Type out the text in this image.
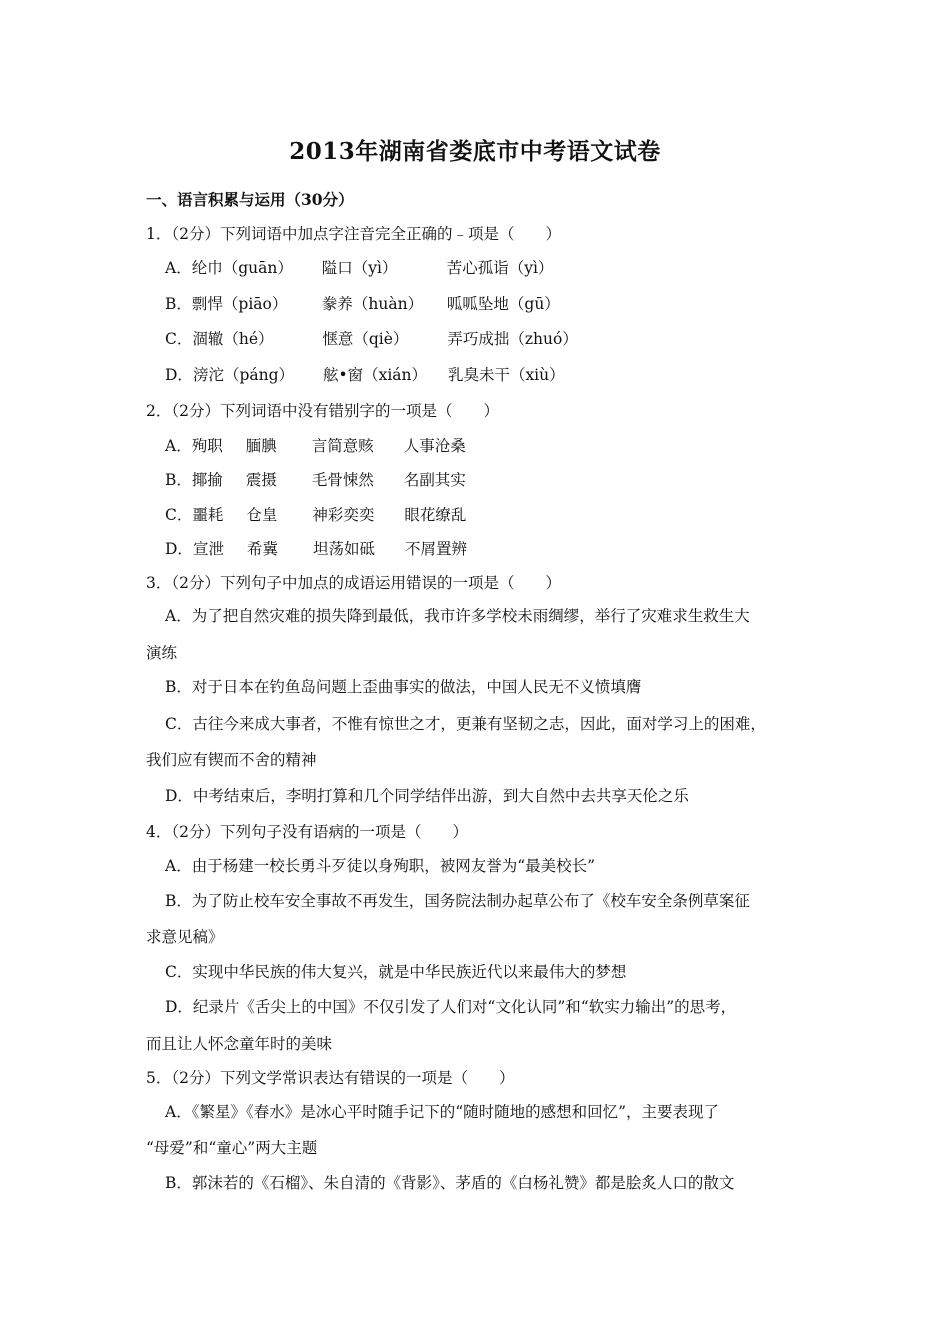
2013年湖南省娄底市中考语文试卷
一、语言积累与运用（30分）
1．（2分）下列词语中加点字注音完全正确的﹣项是（　　）
A．纶巾（guān） 隘口（yì）	苦心孤诣（yì）
B．剽悍（piāo） 豢养（huàn） 呱呱坠地（gū）
C．涸辙（hé）	惬意（qiè）	弄巧成拙（zhuó）
D．滂沱（páng） 舷•窗（xián） 乳臭未干（xiù）
2．（2分）下列词语中没有错别字的一项是（　　）
A．殉职 腼腆 言简意赅 人事沧桑
B．揶揄 震摄 毛骨悚然 名副其实
C．噩耗 仓皇 神彩奕奕 眼花缭乱
D．宣泄 希冀 坦荡如砥 不屑置辨
3．（2分）下列句子中加点的成语运用错误的一项是（　　）
A．为了把自然灾难的损失降到最低，我市许多学校未雨绸缪，举行了灾难求生救生大
演练
B．对于日本在钓鱼岛问题上歪曲事实的做法，中国人民无不义愤填膺
C．古往今来成大事者，不惟有惊世之才，更兼有坚韧之志，因此，面对学习上的困难，
我们应有锲而不舍的精神
D．中考结束后，李明打算和几个同学结伴出游，到大自然中去共享天伦之乐
4．（2分）下列句子没有语病的一项是（　　）
A．由于杨建一校长勇斗歹徒以身殉职，被网友誉为“最美校长”
B．为了防止校车安全事故不再发生，国务院法制办起草公布了《校车安全条例草案征
求意见稿》
C．实现中华民族的伟大复兴，就是中华民族近代以来最伟大的梦想
D．纪录片《舌尖上的中国》不仅引发了人们对“文化认同”和“软实力输出”的思考，
而且让人怀念童年时的美味
5．（2分）下列文学常识表达有错误的一项是（　　）
A．《繁星》《春水》是冰心平时随手记下的“随时随地的感想和回忆”，主要表现了
“母爱”和“童心”两大主题
B．郭沫若的《石榴》、朱自清的《背影》、茅盾的《白杨礼赞》都是脍炙人口的散文
